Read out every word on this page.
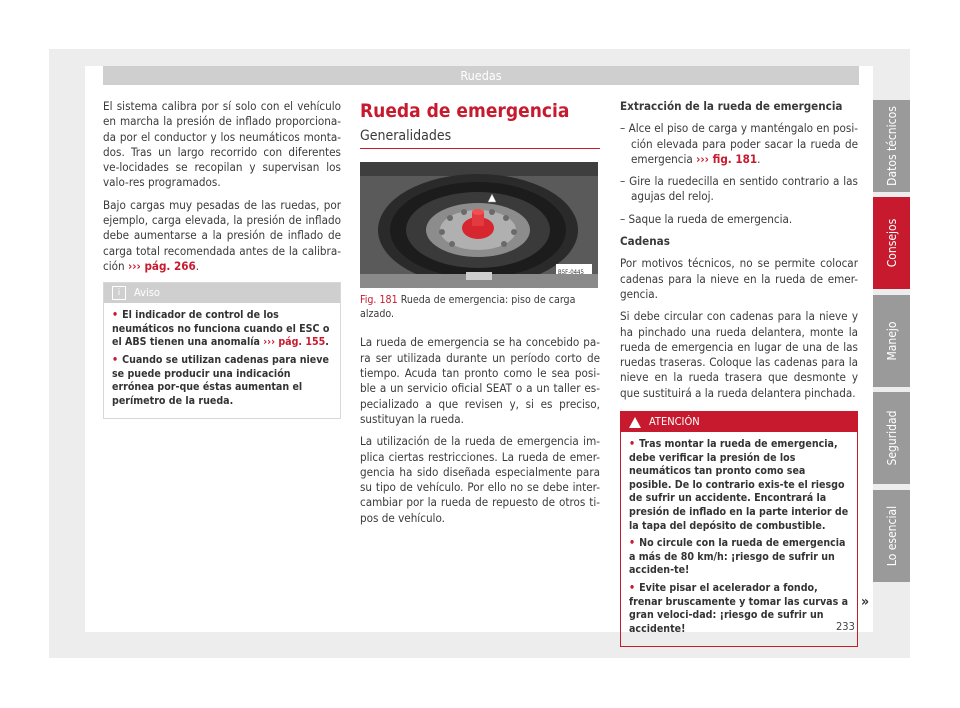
Ruedas

El sistema calibra por sí solo con el vehículo en marcha la presión de inflado proporciona-da por el conductor y los neumáticos monta-dos. Tras un largo recorrido con diferentes ve-locidades se recopilan y supervisan los valo-res programados.

Bajo cargas muy pesadas de las ruedas, por ejemplo, carga elevada, la presión de inflado debe aumentarse a la presión de inflado de carga total recomendada antes de la calibra-ción ››› pág. 266.

i Aviso
• El indicador de control de los neumáticos no funciona cuando el ESC o el ABS tienen una anomalía ››› pág. 155.
• Cuando se utilizan cadenas para nieve se puede producir una indicación errónea por-que éstas aumentan el perímetro de la rueda.
Rueda de emergencia
Generalidades
B5F-0445
Fig. 181 Rueda de emergencia: piso de carga alzado.

La rueda de emergencia se ha concebido pa-ra ser utilizada durante un período corto de tiempo. Acuda tan pronto como le sea posi-ble a un servicio oficial SEAT o a un taller es-pecializado a que revisen y, si es preciso, sustituyan la rueda.

La utilización de la rueda de emergencia im-plica ciertas restricciones. La rueda de emer-gencia ha sido diseñada especialmente para su tipo de vehículo. Por ello no se debe inter-cambiar por la rueda de repuesto de otros ti-pos de vehículo.

Extracción de la rueda de emergencia

– Alce el piso de carga y manténgalo en posi-ción elevada para poder sacar la rueda de emergencia ››› fig. 181.

– Gire la ruedecilla en sentido contrario a las agujas del reloj.

– Saque la rueda de emergencia.

Cadenas

Por motivos técnicos, no se permite colocar cadenas para la nieve en la rueda de emer-gencia.

Si debe circular con cadenas para la nieve y ha pinchado una rueda delantera, monte la rueda de emergencia en lugar de una de las ruedas traseras. Coloque las cadenas para la nieve en la rueda trasera que desmonte y que sustituirá a la rueda delantera pinchada.

ATENCIÓN
• Tras montar la rueda de emergencia, debe verificar la presión de los neumáticos tan pronto como sea posible. De lo contrario exis-te el riesgo de sufrir un accidente. Encontrará la presión de inflado en la parte interior de la tapa del depósito de combustible.
• No circule con la rueda de emergencia a más de 80 km/h: ¡riesgo de sufrir un acciden-te!
• Evite pisar el acelerador a fondo, frenar bruscamente y tomar las curvas a gran veloci-dad: ¡riesgo de sufrir un accidente!
»
233
Datos técnicos
Consejos
Manejo
Seguridad
Lo esencial
